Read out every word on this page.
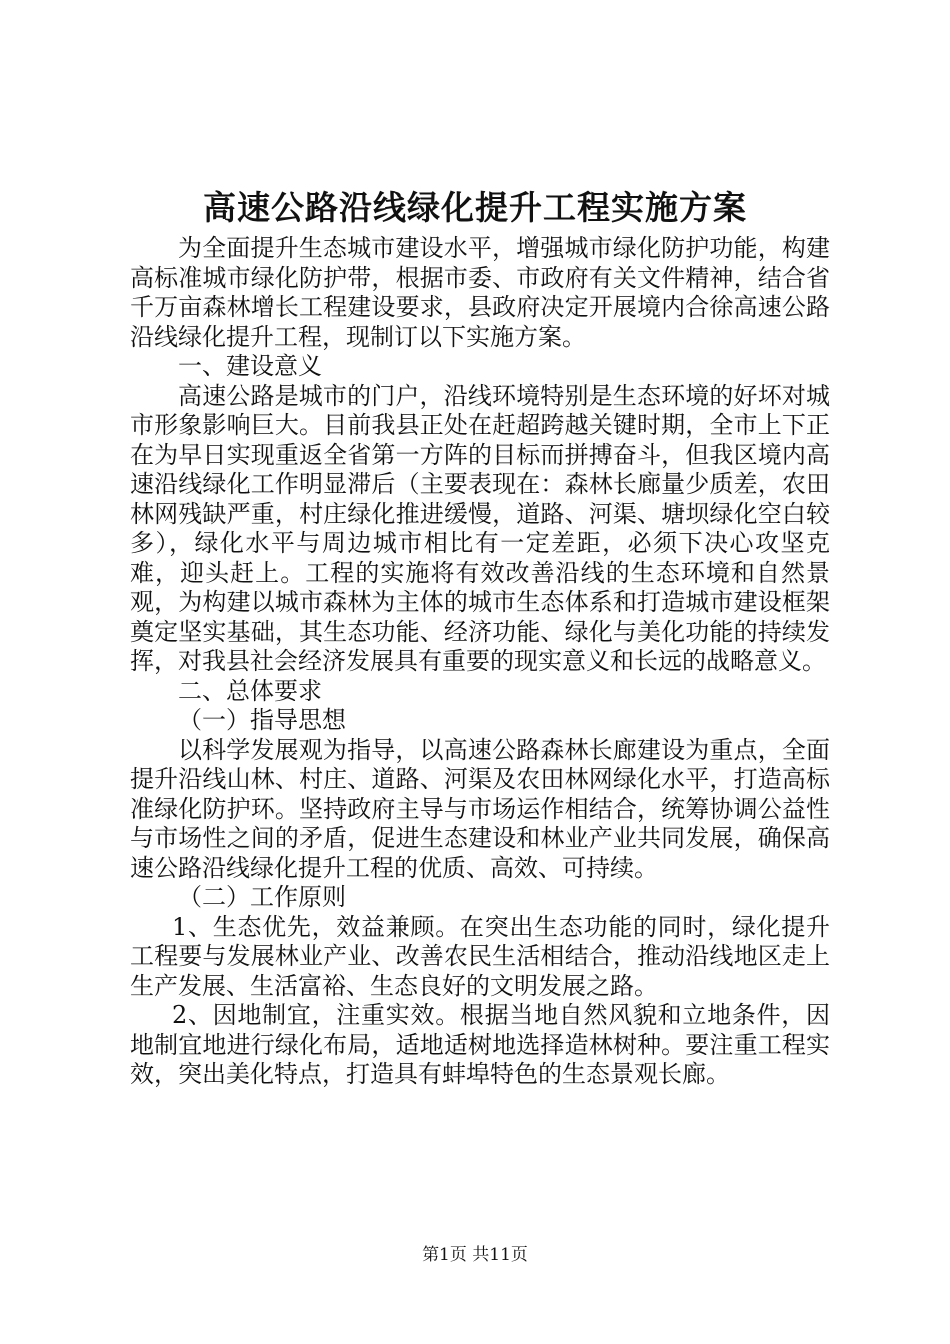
高速公路沿线绿化提升工程实施方案

为全面提升生态城市建设水平，增强城市绿化防护功能，构建高标准城市绿化防护带，根据市委、市政府有关文件精神，结合省千万亩森林增长工程建设要求，县政府决定开展境内合徐高速公路沿线绿化提升工程，现制订以下实施方案。

一、建设意义

高速公路是城市的门户，沿线环境特别是生态环境的好坏对城市形象影响巨大。目前我县正处在赶超跨越关键时期，全市上下正在为早日实现重返全省第一方阵的目标而拼搏奋斗，但我区境内高速沿线绿化工作明显滞后（主要表现在：森林长廊量少质差，农田林网残缺严重，村庄绿化推进缓慢，道路、河渠、塘坝绿化空白较多），绿化水平与周边城市相比有一定差距，必须下决心攻坚克难，迎头赶上。工程的实施将有效改善沿线的生态环境和自然景观，为构建以城市森林为主体的城市生态体系和打造城市建设框架奠定坚实基础，其生态功能、经济功能、绿化与美化功能的持续发挥，对我县社会经济发展具有重要的现实意义和长远的战略意义。

二、总体要求

（一）指导思想

以科学发展观为指导，以高速公路森林长廊建设为重点，全面提升沿线山林、村庄、道路、河渠及农田林网绿化水平，打造高标准绿化防护环。坚持政府主导与市场运作相结合，统筹协调公益性与市场性之间的矛盾，促进生态建设和林业产业共同发展，确保高速公路沿线绿化提升工程的优质、高效、可持续。

（二）工作原则

1、生态优先，效益兼顾。在突出生态功能的同时，绿化提升工程要与发展林业产业、改善农民生活相结合，推动沿线地区走上生产发展、生活富裕、生态良好的文明发展之路。

2、因地制宜，注重实效。根据当地自然风貌和立地条件，因地制宜地进行绿化布局，适地适树地选择造林树种。要注重工程实效，突出美化特点，打造具有蚌埠特色的生态景观长廊。

第1页 共11页
